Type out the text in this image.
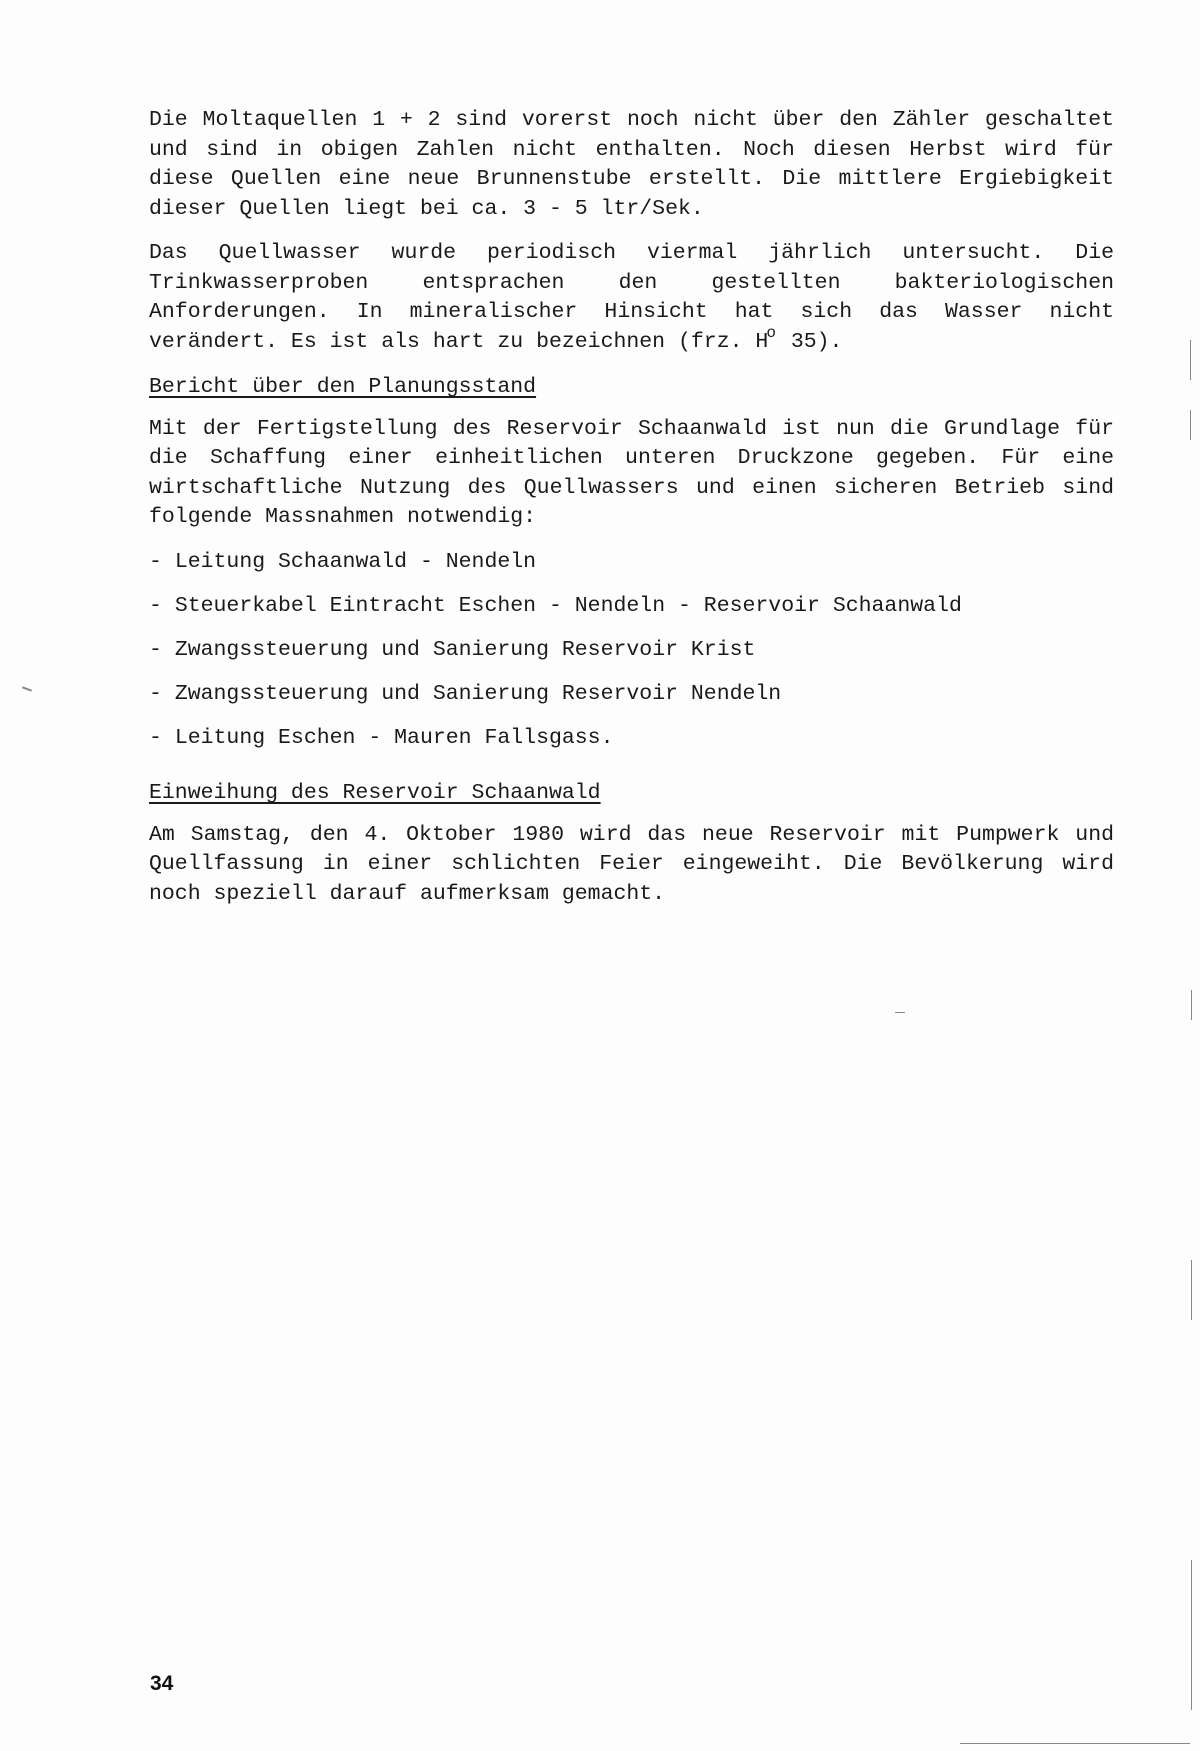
Die Moltaquellen 1 + 2 sind vorerst noch nicht über den Zähler geschaltet und sind in obigen Zahlen nicht enthalten. Noch diesen Herbst wird für diese Quellen eine neue Brunnenstube erstellt. Die mittlere Ergiebigkeit dieser Quellen liegt bei ca. 3 - 5 ltr/Sek.

Das Quellwasser wurde periodisch viermal jährlich untersucht. Die Trinkwasserproben entsprachen den gestellten bakteriologischen Anforderungen. In mineralischer Hinsicht hat sich das Wasser nicht verändert. Es ist als hart zu bezeichnen (frz. $H^o$ 35).

Bericht über den Planungsstand

Mit der Fertigstellung des Reservoir Schaanwald ist nun die Grundlage für die Schaffung einer einheitlichen unteren Druckzone gegeben. Für eine wirtschaftliche Nutzung des Quellwassers und einen sicheren Betrieb sind folgende Massnahmen notwendig:

- Leitung Schaanwald - Nendeln
- Steuerkabel Eintracht Eschen - Nendeln - Reservoir Schaanwald
- Zwangssteuerung und Sanierung Reservoir Krist
- Zwangssteuerung und Sanierung Reservoir Nendeln
- Leitung Eschen - Mauren Fallsgass.
Einweihung des Reservoir Schaanwald

Am Samstag, den 4. Oktober 1980 wird das neue Reservoir mit Pumpwerk und Quellfassung in einer schlichten Feier eingeweiht. Die Bevölkerung wird noch speziell darauf aufmerksam gemacht.

34
